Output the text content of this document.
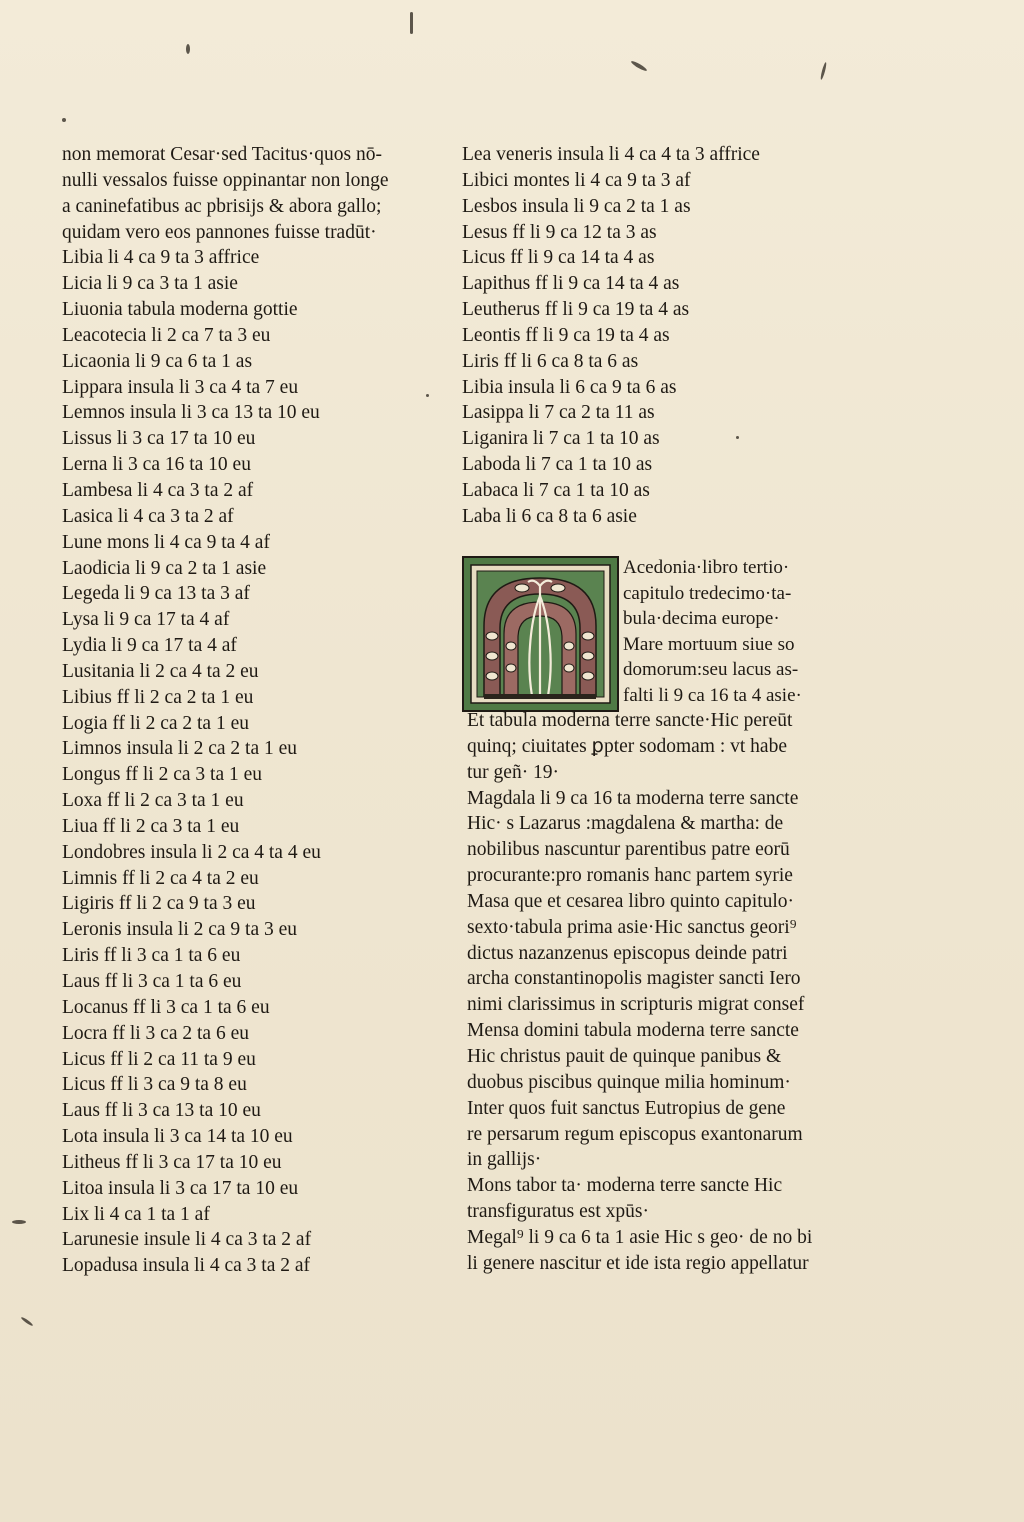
non memorat Cesar·sed Tacitus·quos nō-
nulli vessalos fuisse oppinantar non longe
a caninefatibus ac pbrisijs & abora gallo;
quidam vero eos pannones fuisse tradūt·
Libia li 4 ca 9 ta 3 affrice
Licia li 9 ca 3 ta 1 asie
Liuonia tabula moderna gottie
Leacotecia li 2 ca 7 ta 3 eu
Licaonia li 9 ca 6 ta 1 as
Lippara insula li 3 ca 4 ta 7 eu
Lemnos insula li 3 ca 13 ta 10 eu
Lissus li 3 ca 17 ta 10 eu
Lerna li 3 ca 16 ta 10 eu
Lambesa li 4 ca 3 ta 2 af
Lasica li 4 ca 3 ta 2 af
Lune mons li 4 ca 9 ta 4 af
Laodicia li 9 ca 2 ta 1 asie
Legeda li 9 ca 13 ta 3 af
Lysa li 9 ca 17 ta 4 af
Lydia li 9 ca 17 ta 4 af
Lusitania li 2 ca 4 ta 2 eu
Libius ff li 2 ca 2 ta 1 eu
Logia ff li 2 ca 2 ta 1 eu
Limnos insula li 2 ca 2 ta 1 eu
Longus ff li 2 ca 3 ta 1 eu
Loxa ff li 2 ca 3 ta 1 eu
Liua ff li 2 ca 3 ta 1 eu
Londobres insula li 2 ca 4 ta 4 eu
Limnis ff li 2 ca 4 ta 2 eu
Ligiris ff li 2 ca 9 ta 3 eu
Leronis insula li 2 ca 9 ta 3 eu
Liris ff li 3 ca 1 ta 6 eu
Laus ff li 3 ca 1 ta 6 eu
Locanus ff li 3 ca 1 ta 6 eu
Locra ff li 3 ca 2 ta 6 eu
Licus ff li 2 ca 11 ta 9 eu
Licus ff li 3 ca 9 ta 8 eu
Laus ff li 3 ca 13 ta 10 eu
Lota insula li 3 ca 14 ta 10 eu
Litheus ff li 3 ca 17 ta 10 eu
Litoa insula li 3 ca 17 ta 10 eu
Lix li 4 ca 1 ta 1 af
Larunesie insule li 4 ca 3 ta 2 af
Lopadusa insula li 4 ca 3 ta 2 af
Lea veneris insula li 4 ca 4 ta 3 affrice
Libici montes li 4 ca 9 ta 3 af
Lesbos insula li 9 ca 2 ta 1 as
Lesus ff li 9 ca 12 ta 3 as
Licus ff li 9 ca 14 ta 4 as
Lapithus ff li 9 ca 14 ta 4 as
Leutherus ff li 9 ca 19 ta 4 as
Leontis ff li 9 ca 19 ta 4 as
Liris ff li 6 ca 8 ta 6 as
Libia insula li 6 ca 9 ta 6 as
Lasippa li 7 ca 2 ta 11 as
Liganira li 7 ca 1 ta 10 as
Laboda li 7 ca 1 ta 10 as
Labaca li 7 ca 1 ta 10 as
Laba li 6 ca 8 ta 6 asie
Acedonia·libro tertio·
capitulo tredecimo·ta-
bula·decima europe·
Mare mortuum siue so
domorum:seu lacus as-
falti li 9 ca 16 ta 4 asie·
Et tabula moderna terre sancte·Hic pereūt
quinq; ciuitates ꝑpter sodomam : vt habe
tur geñ· 19·
Magdala li 9 ca 16 ta moderna terre sancte
Hic· s Lazarus :magdalena & martha: de
nobilibus nascuntur parentibus patre eorū
procurante:pro romanis hanc partem syrie
Masa que et cesarea libro quinto capitulo·
sexto·tabula prima asie·Hic sanctus geori⁹
dictus nazanzenus episcopus deinde patri
archa constantinopolis magister sancti Iero
nimi clarissimus in scripturis migrat consef
Mensa domini tabula moderna terre sancte
Hic christus pauit de quinque panibus &
duobus piscibus quinque milia hominum·
Inter quos fuit sanctus Eutropius de gene
re persarum regum episcopus exantonarum
in gallijs·
Mons tabor ta· moderna terre sancte Hic
transfiguratus est xpūs·
Megal⁹ li 9 ca 6 ta 1 asie Hic s geo· de no bi
li genere nascitur et ide ista regio appellatur
